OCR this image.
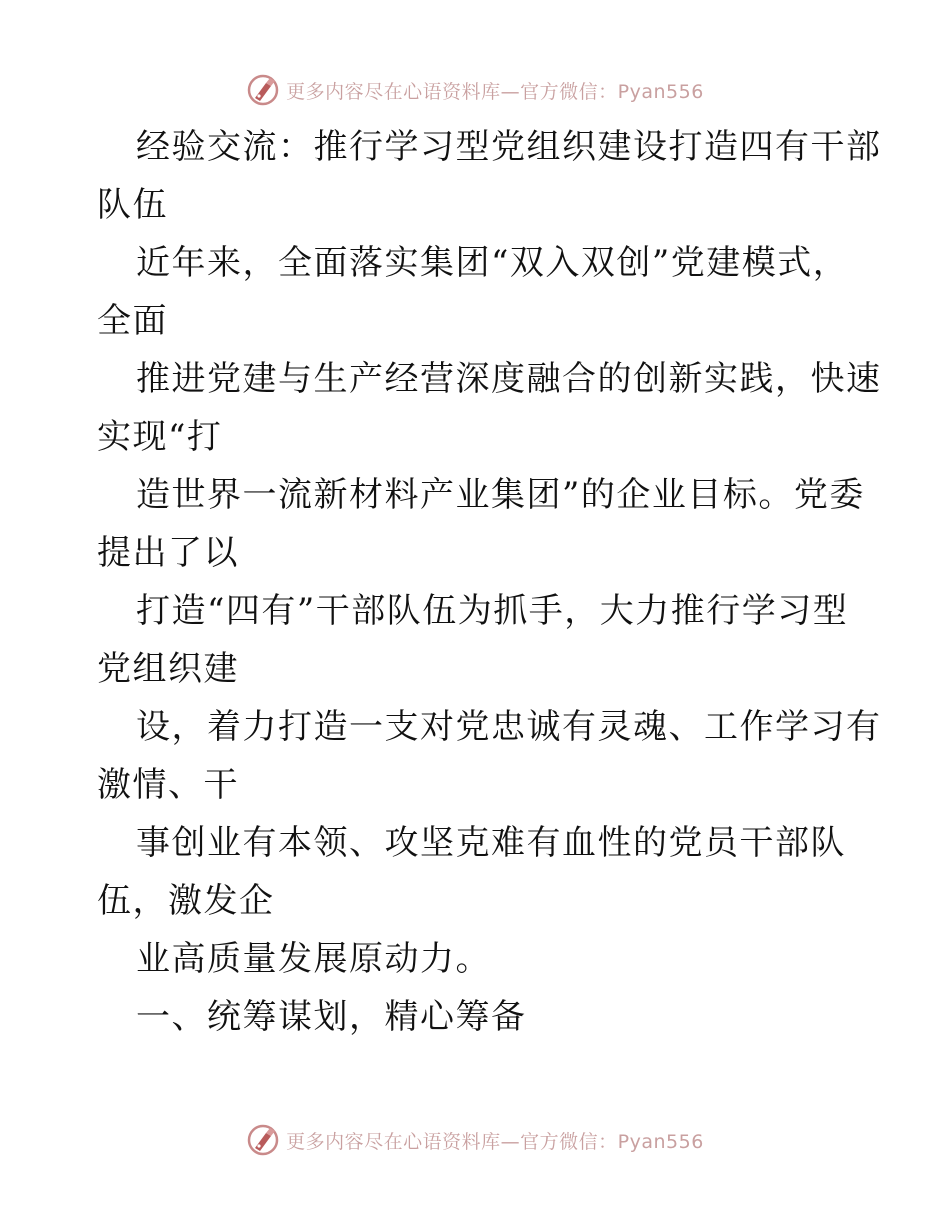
更多内容尽在心语资料库—官方微信：Pyan556

经验交流：推行学习型党组织建设打造四有干部

队伍

近年来，全面落实集团“双入双创”党建模式，

全面

推进党建与生产经营深度融合的创新实践，快速

实现“打

造世界一流新材料产业集团”的企业目标。党委

提出了以

打造“四有”干部队伍为抓手，大力推行学习型

党组织建

设，着力打造一支对党忠诚有灵魂、工作学习有

激情、干

事创业有本领、攻坚克难有血性的党员干部队

伍，激发企

业高质量发展原动力。

一、统筹谋划，精心筹备

更多内容尽在心语资料库—官方微信：Pyan556
